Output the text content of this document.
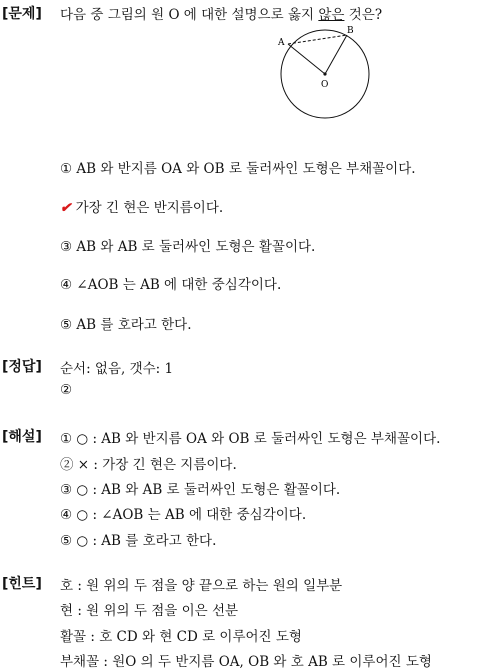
[문제] 다음 중 그림의 원 O 에 대한 설명으로 옳지 않은 것은?
A
B
O
① AB 와 반지름 OA 와 OB 로 둘러싸인 도형은 부채꼴이다.
✔ 가장 긴 현은 반지름이다.
③ AB 와 AB 로 둘러싸인 도형은 활꼴이다.
④ ∠AOB 는 AB 에 대한 중심각이다.
⑤ AB 를 호라고 한다.
[정답] 순서: 없음, 갯수: 1
②
[해설] ① ○ : AB 와 반지름 OA 와 OB 로 둘러싸인 도형은 부채꼴이다.
② × : 가장 긴 현은 지름이다.
③ ○ : AB 와 AB 로 둘러싸인 도형은 활꼴이다.
④ ○ : ∠AOB 는 AB 에 대한 중심각이다.
⑤ ○ : AB 를 호라고 한다.
[힌트] 호 : 원 위의 두 점을 양 끝으로 하는 원의 일부분
현 : 원 위의 두 점을 이은 선분
활꼴 : 호 CD 와 현 CD 로 이루어진 도형
부채꼴 : 원O 의 두 반지름 OA, OB 와 호 AB 로 이루어진 도형
